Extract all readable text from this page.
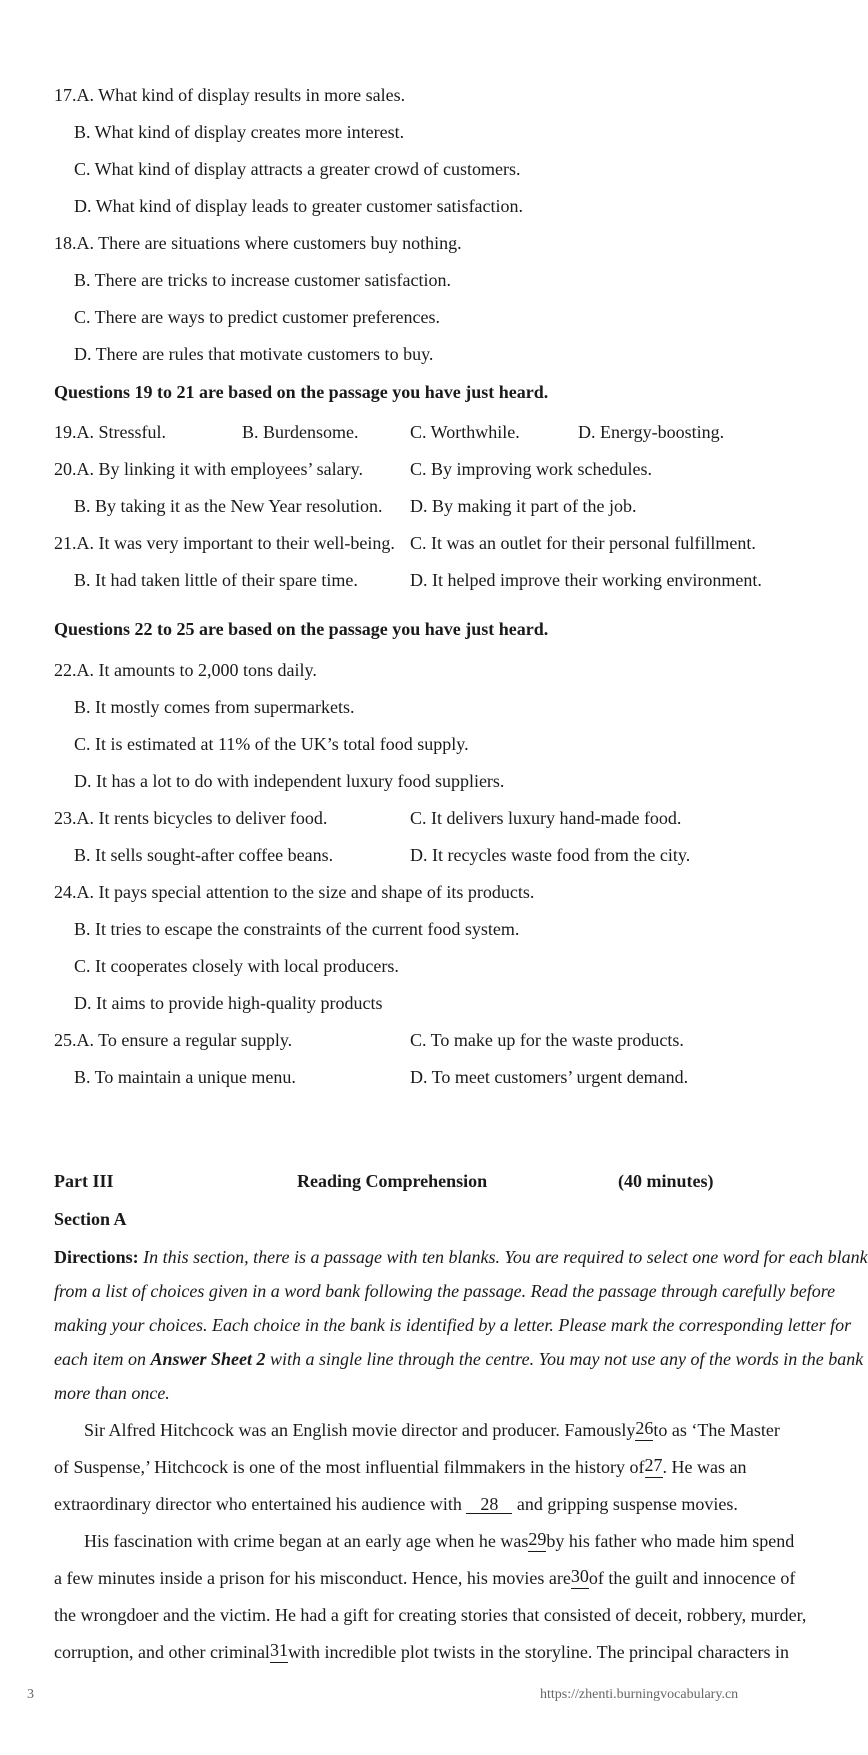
17.A. What kind of display results in more sales.
B. What kind of display creates more interest.
C. What kind of display attracts a greater crowd of customers.
D. What kind of display leads to greater customer satisfaction.
18.A. There are situations where customers buy nothing.
B. There are tricks to increase customer satisfaction.
C. There are ways to predict customer preferences.
D. There are rules that motivate customers to buy.
Questions 19 to 21 are based on the passage you have just heard.
19.A. Stressful.	B. Burdensome.	C. Worthwhile.	D. Energy-boosting.
20.A. By linking it with employees’ salary.	C. By improving work schedules.
B. By taking it as the New Year resolution. D. By making it part of the job.
21.A. It was very important to their well-being. C. It was an outlet for their personal fulfillment.
B. It had taken little of their spare time.	D. It helped improve their working environment.
Questions 22 to 25 are based on the passage you have just heard.
22.A. It amounts to 2,000 tons daily.
B. It mostly comes from supermarkets.
C. It is estimated at 11% of the UK’s total food supply.
D. It has a lot to do with independent luxury food suppliers.
23.A. It rents bicycles to deliver food.	C. It delivers luxury hand-made food.
B. It sells sought-after coffee beans.	D. It recycles waste food from the city.
24.A. It pays special attention to the size and shape of its products.
B. It tries to escape the constraints of the current food system.
C. It cooperates closely with local producers.
D. It aims to provide high-quality products
25.A. To ensure a regular supply.	C. To make up for the waste products.
B. To maintain a unique menu.	D. To meet customers’ urgent demand.
Part III	Reading Comprehension	(40 minutes)
Section A
Directions: In this section, there is a passage with ten blanks. You are required to select one word for each blank
from a list of choices given in a word bank following the passage. Read the passage through carefully before
making your choices. Each choice in the bank is identified by a letter. Please mark the corresponding letter for
each item on Answer Sheet 2 with a single line through the centre. You may not use any of the words in the bank
more than once.
Sir Alfred Hitchcock was an English movie director and producer. Famously 26 to as ‘The Master
of Suspense,’ Hitchcock is one of the most influential filmmakers in the history of 27 . He was an
extraordinary director who entertained his audience with 28 and gripping suspense movies.
His fascination with crime began at an early age when he was 29 by his father who made him spend
a few minutes inside a prison for his misconduct. Hence, his movies are 30 of the guilt and innocence of
the wrongdoer and the victim. He had a gift for creating stories that consisted of deceit, robbery, murder,
corruption, and other criminal 31 with incredible plot twists in the storyline. The principal characters in
3	https://zhenti.burningvocabulary.cn
